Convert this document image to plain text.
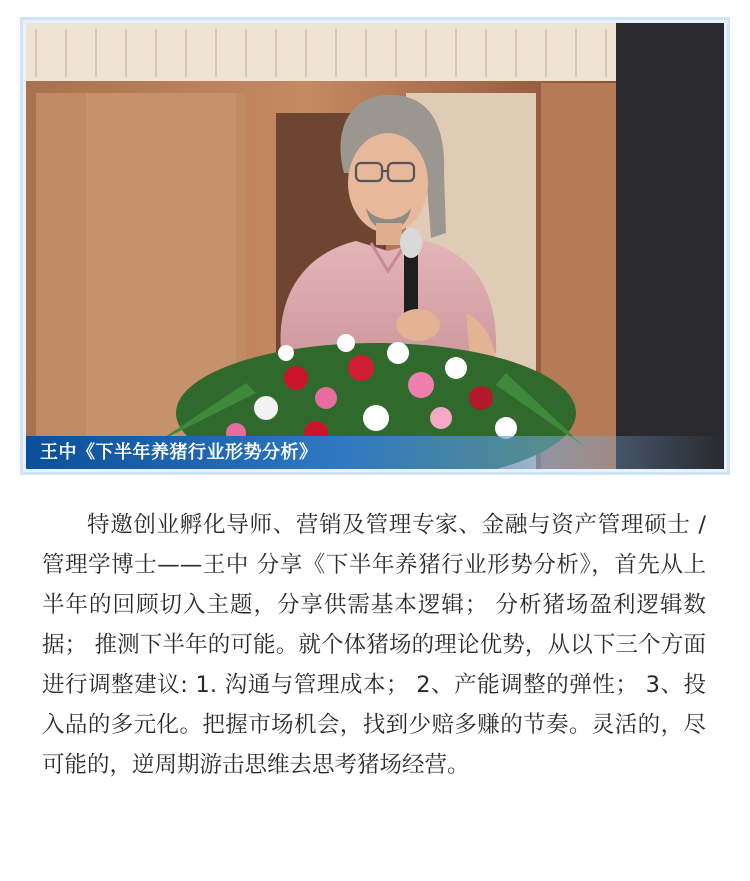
王中《下半年养猪行业形势分析》

特邀创业孵化导师、营销及管理专家、金融与资产管理硕士 / 管理学博士——王中 分享《下半年养猪行业形势分析》，首先从上半年的回顾切入主题，分享供需基本逻辑； 分析猪场盈利逻辑数据； 推测下半年的可能。就个体猪场的理论优势，从以下三个方面进行调整建议: 1. 沟通与管理成本； 2、产能调整的弹性； 3、投入品的多元化。把握市场机会，找到少赔多赚的节奏。灵活的，尽可能的，逆周期游击思维去思考猪场经营。
